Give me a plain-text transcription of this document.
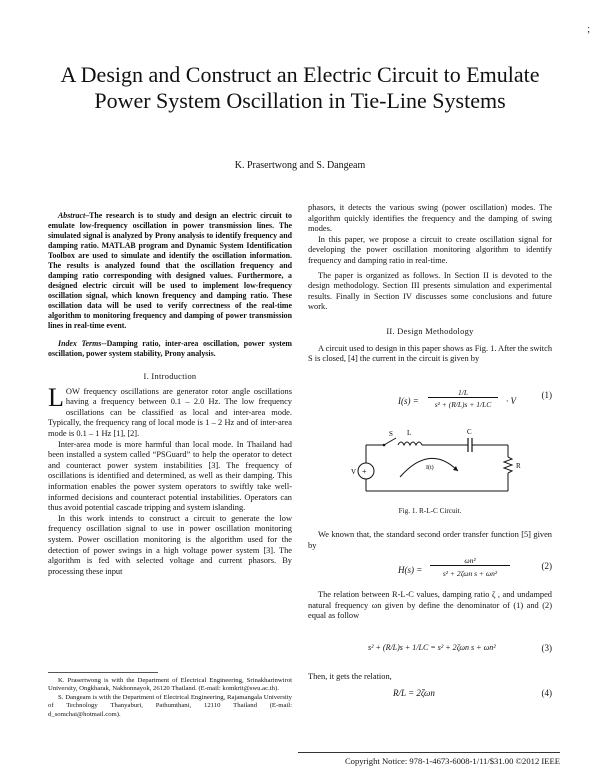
;
A Design and Construct an Electric Circuit to Emulate Power System Oscillation in Tie-Line Systems
K. Prasertwong and S. Dangeam

Abstract–The research is to study and design an electric circuit to emulate low-frequency oscillation in power transmission lines. The simulated signal is analyzed by Prony analysis to identify frequency and damping ratio. MATLAB program and Dynamic System Identification Toolbox are used to simulate and identify the oscillation information. The results is analyzed found that the oscillation frequency and damping ratio corresponding with designed values. Furthermore, a designed electric circuit will be used to implement low-frequency oscillation signal, which known frequency and damping ratio. These oscillation data will be used to verify correctness of the real-time algorithm to monitoring frequency and damping of power transmission lines in real-time event.

Index Terms--Damping ratio, inter-area oscillation, power system oscillation, power system stability, Prony analysis.

I. Introduction

LOW frequency oscillations are generator rotor angle oscillations having a frequency between 0.1 – 2.0 Hz. The low frequency oscillations can be classified as local and inter-area mode. Typically, the frequency rang of local mode is 1 – 2 Hz and of inter-area mode is 0.1 – 1 Hz [1], [2].

Inter-area mode is more harmful than local mode. In Thailand had been installed a system called “PSGuard” to help the operator to detect and counteract power system instabilities [3]. The frequency of oscillations is identified and determined, as well as their damping. This information enables the power system operators to swiftly take well-informed decisions and counteract potential instabilities. Operators can thus avoid potential cascade tripping and system islanding.

In this work intends to construct a circuit to generate the low frequency oscillation signal to use in power oscillation monitoring system. Power oscillation monitoring is the algorithm used for the detection of power swings in a high voltage power system [3]. The algorithm is fed with selected voltage and current phasors. By processing these input

K. Prasertwong is with the Department of Electrical Engineering, Srinakharinwirot University, Ongkharak, Nakhonnayok, 26120 Thailand. (E-mail: komkrit@swu.ac.th).

S. Dangeam is with the Department of Electrical Engineering, Rajamangala University of Technology Thanyaburi, Pathumthani, 12110 Thailand (E-mail: d_somchai@hotmail.com).

phasors, it detects the various swing (power oscillation) modes. The algorithm quickly identifies the frequency and the damping of swing modes.

In this paper, we propose a circuit to create oscillation signal for developing the power oscillation monitoring algorithm to identify frequency and damping ratio in real-time.

The paper is organized as follows. In Section II is devoted to the design methodology. Section III presents simulation and experimental results. Finally in Section IV discusses some conclusions and future work.

II. Design Methodology

A circuit used to design in this paper shows as Fig. 1. After the switch S is closed, [4] the current in the circuit is given by

I(s) =
1/L
s² + (R/L)s + 1/LC	· V
(1)
+
S L	C
R
V	I(t)
Fig. 1. R-L-C Circuit.

We known that, the standard second order transfer function [5] given by

H(s) =
ωn²
s² + 2ζωn s + ωn²
(2)

The relation between R-L-C values, damping ratio ζ , and undamped natural frequency ωn given by define the denominator of (1) and (2) equal as follow

s² + (R/L)s + 1/LC = s² + 2ζωn s + ωn²	(3)

Then, it gets the relation,

R/L = 2ζωn	(4)
Copyright Notice: 978-1-4673-6008-1/11/$31.00 ©2012 IEEE
